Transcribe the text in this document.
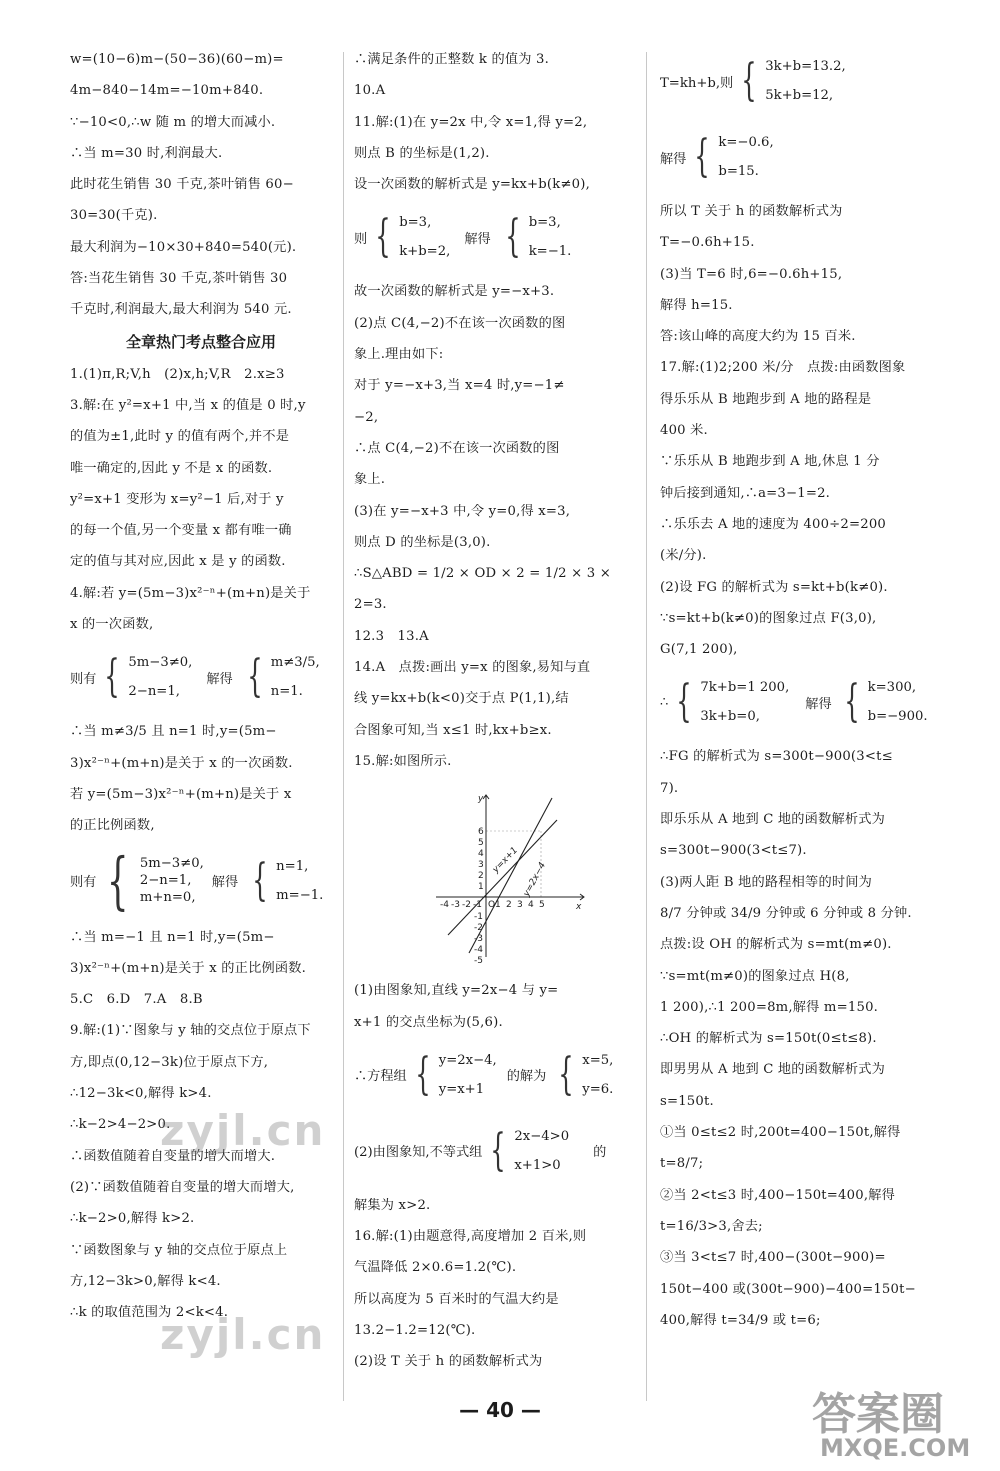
w=(10−6)m−(50−36)(60−m)=
4m−840−14m=−10m+840.
∵−10<0,∴w 随 m 的增大而减小.
∴当 m=30 时,利润最大.
此时花生销售 30 千克,茶叶销售 60−
30=30(千克).
最大利润为−10×30+840=540(元).
答:当花生销售 30 千克,茶叶销售 30
千克时,利润最大,最大利润为 540 元.
全章热门考点整合应用
1.(1)π,R;V,h　(2)x,h;V,R　2.x≥3
3.解:在 y²=x+1 中,当 x 的值是 0 时,y
的值为±1,此时 y 的值有两个,并不是
唯一确定的,因此 y 不是 x 的函数.
y²=x+1 变形为 x=y²−1 后,对于 y
的每一个值,另一个变量 x 都有唯一确
定的值与其对应,因此 x 是 y 的函数.
4.解:若 y=(5m−3)x²⁻ⁿ+(m+n)是关于
x 的一次函数,
则有 { 5m−3≠0,
2−n=1,
解得 { m≠3/5,
n=1.
∴当 m≠3/5 且 n=1 时,y=(5m−
3)x²⁻ⁿ+(m+n)是关于 x 的一次函数.
若 y=(5m−3)x²⁻ⁿ+(m+n)是关于 x
的正比例函数,
则有 { 5m−3≠0,
2−n=1,
m+n=0,
解得 { n=1,
m=−1.
∴当 m=−1 且 n=1 时,y=(5m−
3)x²⁻ⁿ+(m+n)是关于 x 的正比例函数.
5.C　6.D　7.A　8.B
9.解:(1)∵图象与 y 轴的交点位于原点下
方,即点(0,12−3k)位于原点下方,
∴12−3k<0,解得 k>4.
∴k−2>4−2>0.
∴函数值随着自变量的增大而增大.
(2)∵函数值随着自变量的增大而增大,
∴k−2>0,解得 k>2.
∵函数图象与 y 轴的交点位于原点上
方,12−3k>0,解得 k<4.
∴k 的取值范围为 2<k<4.
∴满足条件的正整数 k 的值为 3.
10.A
11.解:(1)在 y=2x 中,令 x=1,得 y=2,
则点 B 的坐标是(1,2).
设一次函数的解析式是 y=kx+b(k≠0),
则 { b=3,
k+b=2,
解得 { b=3,
k=−1.
故一次函数的解析式是 y=−x+3.
(2)点 C(4,−2)不在该一次函数的图
象上.理由如下:
对于 y=−x+3,当 x=4 时,y=−1≠
−2,
∴点 C(4,−2)不在该一次函数的图
象上.
(3)在 y=−x+3 中,令 y=0,得 x=3,
则点 D 的坐标是(3,0).
∴S△ABD = 1/2 × OD × 2 = 1/2 × 3 ×
2=3.
12.3　13.A
14.A　点拨:画出 y=x 的图象,易知与直
线 y=kx+b(k<0)交于点 P(1,1),结
合图象可知,当 x≤1 时,kx+b≥x.
15.解:如图所示.
-4 -3 -2 -1 1 2 3 4 5
6
5
4
3
2
1
-1
-2
-3
-4
-5
O
y
x
y=x+1
y=2x−4
(1)由图象知,直线 y=2x−4 与 y=
x+1 的交点坐标为(5,6).
∴方程组 { y=2x−4,
y=x+1
的解为 { x=5,
y=6.
(2)由图象知,不等式组 { 2x−4>0
x+1>0
的
解集为 x>2.
16.解:(1)由题意得,高度增加 2 百米,则
气温降低 2×0.6=1.2(℃).
所以高度为 5 百米时的气温大约是
13.2−1.2=12(℃).
(2)设 T 关于 h 的函数解析式为
T=kh+b,则 { 3k+b=13.2,
5k+b=12,
解得 { k=−0.6,
b=15.
所以 T 关于 h 的函数解析式为
T=−0.6h+15.
(3)当 T=6 时,6=−0.6h+15,
解得 h=15.
答:该山峰的高度大约为 15 百米.
17.解:(1)2;200 米/分　点拨:由函数图象
得乐乐从 B 地跑步到 A 地的路程是
400 米.
∵乐乐从 B 地跑步到 A 地,休息 1 分
钟后接到通知,∴a=3−1=2.
∴乐乐去 A 地的速度为 400÷2=200
(米/分).
(2)设 FG 的解析式为 s=kt+b(k≠0).
∵s=kt+b(k≠0)的图象过点 F(3,0),
G(7,1 200),
∴ { 7k+b=1 200,
3k+b=0,
解得 { k=300,
b=−900.
∴FG 的解析式为 s=300t−900(3<t≤
7).
即乐乐从 A 地到 C 地的函数解析式为
s=300t−900(3<t≤7).
(3)两人距 B 地的路程相等的时间为
8/7 分钟或 34/9 分钟或 6 分钟或 8 分钟.
点拨:设 OH 的解析式为 s=mt(m≠0).
∵s=mt(m≠0)的图象过点 H(8,
1 200),∴1 200=8m,解得 m=150.
∴OH 的解析式为 s=150t(0≤t≤8).
即男男从 A 地到 C 地的函数解析式为
s=150t.
①当 0≤t≤2 时,200t=400−150t,解得
t=8/7;
②当 2<t≤3 时,400−150t=400,解得
t=16/3>3,舍去;
③当 3<t≤7 时,400−(300t−900)=
150t−400 或(300t−900)−400=150t−
400,解得 t=34/9 或 t=6;
zyjl.cn
zyjl.cn
— 40 —	答案圈
MXQE.COM
